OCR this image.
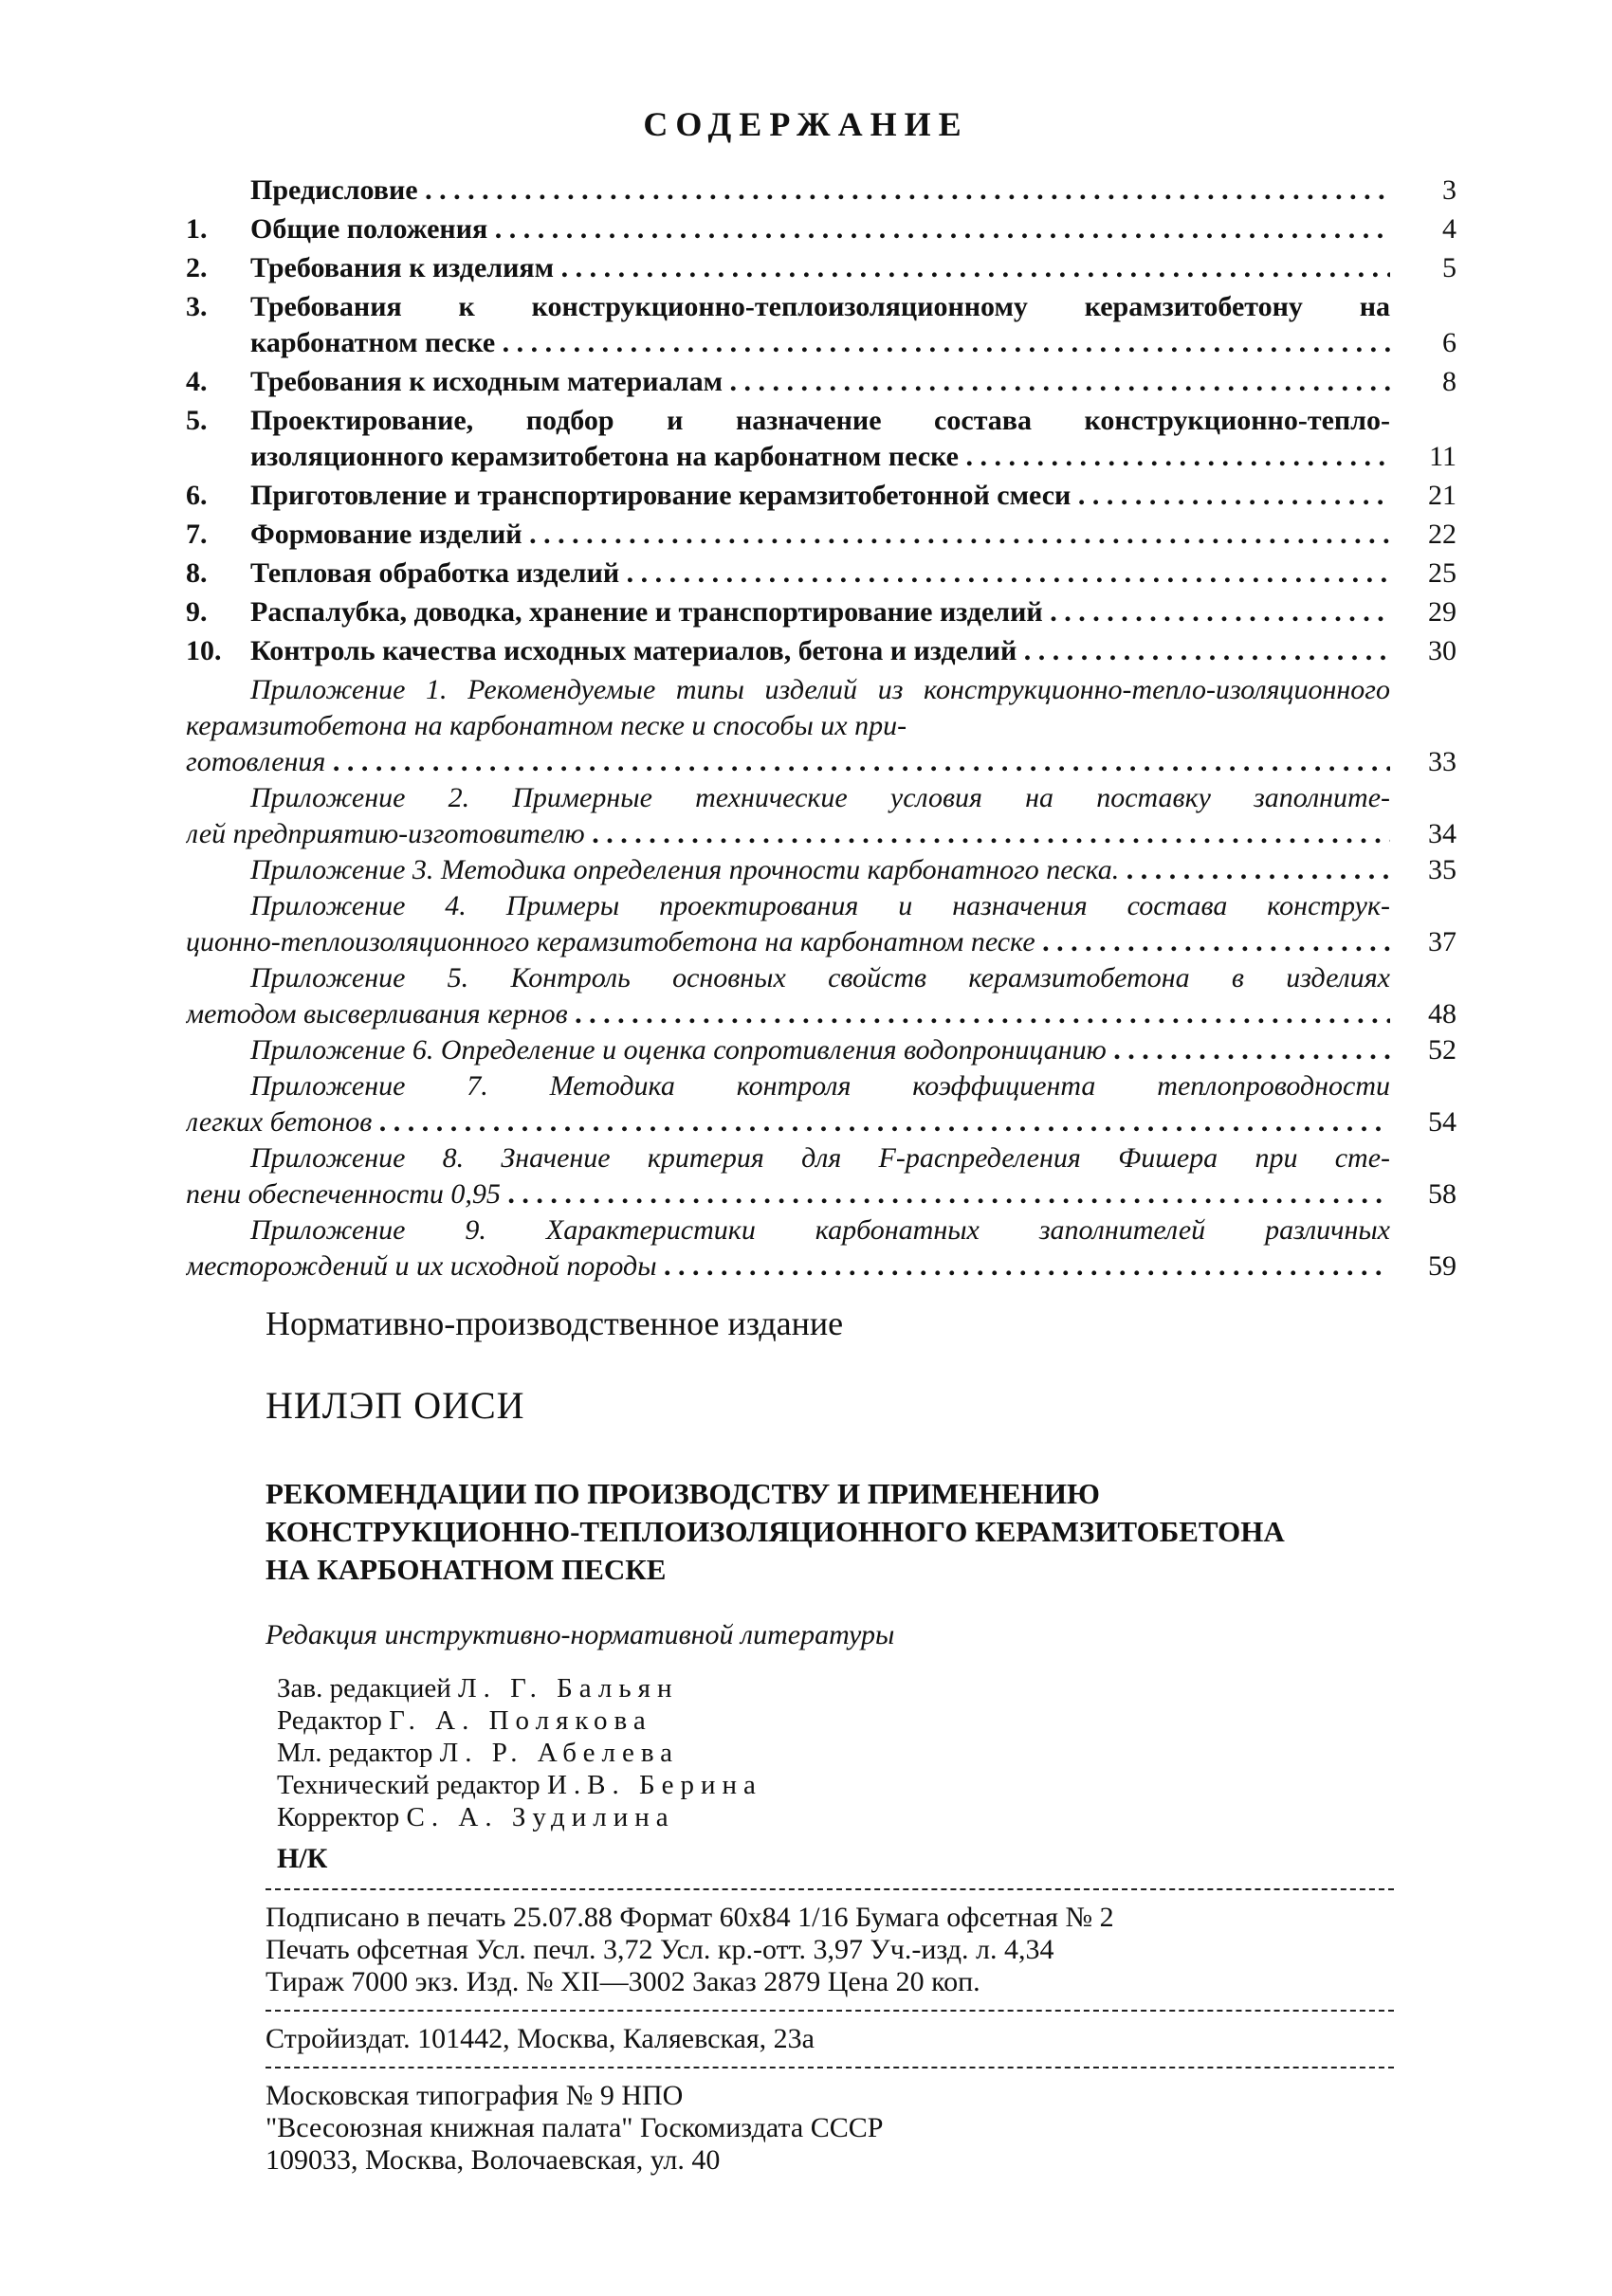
СОДЕРЖАНИЕ
Предисловие . . .	3
1.	Общие положения . . .	4
2.	Требования к изделиям . . .	5
3.	Требования к конструкционно-теплоизоляционному керамзитобетону на
карбонатном песке . . .	6
4.	Требования к исходным материалам . . .	8
5.	Проектирование, подбор и назначение состава конструкционно-тепло-
изоляционного керамзитобетона на карбонатном песке . . .	11
6.	Приготовление и транспортирование керамзитобетонной смеси . . .	21
7.	Формование изделий . . .	22
8.	Тепловая обработка изделий . . .	25
9.	Распалубка, доводка, хранение и транспортирование изделий . . .	29
10.	Контроль качества исходных материалов, бетона и изделий . . .	30
Приложение 1. Рекомендуемые типы изделий из конструкционно-тепло-изоляционного керамзитобетона на карбонатном песке и способы их при-
готовления . . .	33
Приложение 2. Примерные технические условия на поставку заполните-
лей предприятию-изготовителю . . .	34
Приложение 3. Методика определения прочности карбонатного песка. . . .	35
Приложение 4. Примеры проектирования и назначения состава конструк-
ционно-теплоизоляционного керамзитобетона на карбонатном песке . . .	37
Приложение 5. Контроль основных свойств керамзитобетона в изделиях
методом высверливания кернов . . .	48
Приложение 6. Определение и оценка сопротивления водопроницанию . . .	52
Приложение 7. Методика контроля коэффициента теплопроводности
легких бетонов . . .	54
Приложение 8. Значение критерия для F-распределения Фишера при сте-
пени обеспеченности 0,95 . . .	58
Приложение 9. Характеристики карбонатных заполнителей различных
месторождений и их исходной породы . . .	59
Нормативно-производственное издание
НИЛЭП ОИСИ
РЕКОМЕНДАЦИИ ПО ПРОИЗВОДСТВУ И ПРИМЕНЕНИЮ
КОНСТРУКЦИОННО-ТЕПЛОИЗОЛЯЦИОННОГО КЕРАМЗИТОБЕТОНА
НА КАРБОНАТНОМ ПЕСКЕ
Редакция инструктивно-нормативной литературы
Зав. редакцией Л. Г. Бальян
Редактор Г. А. Полякова
Мл. редактор Л. Р. Абелева
Технический редактор И.В. Берина
Корректор С. А. Зудилина
Н/К
Подписано в печать 25.07.88 Формат 60х84 1/16 Бумага офсетная № 2
Печать офсетная Усл. печл. 3,72 Усл. кр.-отт. 3,97 Уч.-изд. л. 4,34
Тираж 7000 экз. Изд. № XII—3002 Заказ 2879 Цена 20 коп.
Стройиздат. 101442, Москва, Каляевская, 23а
Московская типография № 9 НПО
"Всесоюзная книжная палата" Госкомиздата СССР
109033, Москва, Волочаевская, ул. 40
